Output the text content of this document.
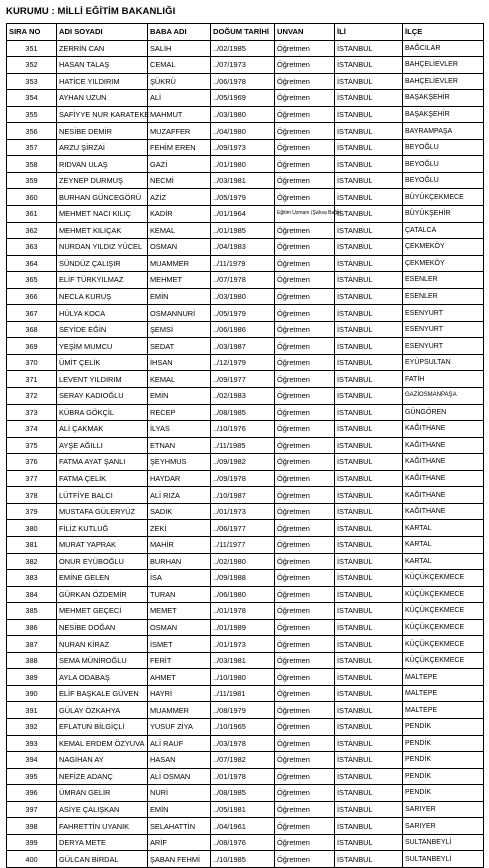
KURUMU : MİLLİ EĞİTİM BAKANLIĞI
SIRA NO	ADI SOYADI	BABA ADI	DOĞUM TARİHİ	UNVAN	İLİ	İLÇE
351	ZERRİN CAN	SALİH	../02/1985	Öğretmen	İSTANBUL	BAĞCILAR
352	HASAN TALAŞ	CEMAL	../07/1973	Öğretmen	İSTANBUL	BAHÇELİEVLER
353	HATİCE YILDIRIM	ŞÜKRÜ	../06/1978	Öğretmen	İSTANBUL	BAHÇELİEVLER
354	AYHAN UZUN	ALİ	../05/1969	Öğretmen	İSTANBUL	BAŞAKŞEHİR
355	SAFİYYE NUR KARATEKE	MAHMUT	../03/1980	Öğretmen	İSTANBUL	BAŞAKŞEHİR
356	NESİBE DEMİR	MUZAFFER	../04/1980	Öğretmen	İSTANBUL	BAYRAMPAŞA
357	ARZU ŞİRZAİ	FEHİM EREN	../09/1973	Öğretmen	İSTANBUL	BEYOĞLU
358	RIDVAN ULAŞ	GAZİ	../01/1980	Öğretmen	İSTANBUL	BEYOĞLU
359	ZEYNEP DURMUŞ	NECMİ	../03/1981	Öğretmen	İSTANBUL	BEYOĞLU
360	BURHAN GÜNCEGÖRÜ	AZİZ	../05/1979	Öğretmen	İSTANBUL	BÜYÜKÇEKMECE
361	MEHMET NACI KILIÇ	KADİR	../01/1964	Eğitim Uzmanı (Şahsa Bağlı)	İSTANBUL	BÜYÜKŞEHİR
362	MEHMET KILIÇAK	KEMAL	../01/1985	Öğretmen	İSTANBUL	ÇATALCA
363	NURDAN YILDIZ YÜCEL	OSMAN	../04/1983	Öğretmen	İSTANBUL	ÇEKMEKÖY
364	SÜNDÜZ ÇALIŞIR	MUAMMER	../11/1979	Öğretmen	İSTANBUL	ÇEKMEKÖY
365	ELİF TÜRKYILMAZ	MEHMET	../07/1978	Öğretmen	İSTANBUL	ESENLER
366	NECLA KURUŞ	EMİN	../03/1980	Öğretmen	İSTANBUL	ESENLER
367	HÜLYA KOCA	OSMANNURİ	../05/1979	Öğretmen	İSTANBUL	ESENYURT
368	SEYİDE EĞİN	ŞEMSİ	../06/1986	Öğretmen	İSTANBUL	ESENYURT
369	YEŞİM MUMCU	SEDAT	../03/1987	Öğretmen	İSTANBUL	ESENYURT
370	ÜMİT ÇELİK	İHSAN	../12/1979	Öğretmen	İSTANBUL	EYÜPSULTAN
371	LEVENT YILDIRIM	KEMAL	../09/1977	Öğretmen	İSTANBUL	FATİH
372	SERAY KADIOĞLU	EMİN	../02/1983	Öğretmen	İSTANBUL	GAZİOSMANPAŞA
373	KÜBRA GÖKÇİL	RECEP	../08/1985	Öğretmen	İSTANBUL	GÜNGÖREN
374	ALİ ÇAKMAK	İLYAS	../10/1976	Öğretmen	İSTANBUL	KAĞITHANE
375	AYŞE AĞILLI	ETNAN	../11/1985	Öğretmen	İSTANBUL	KAĞITHANE
376	FATMA AYAT ŞANLI	ŞEYHMUS	../09/1982	Öğretmen	İSTANBUL	KAĞITHANE
377	FATMA ÇELİK	HAYDAR	../09/1978	Öğretmen	İSTANBUL	KAĞITHANE
378	LÜTFİYE BALCI	ALİ RIZA	../10/1987	Öğretmen	İSTANBUL	KAĞITHANE
379	MUSTAFA GÜLERYÜZ	SADIK	../01/1973	Öğretmen	İSTANBUL	KAĞITHANE
380	FİLİZ KUTLUĞ	ZEKİ	../06/1977	Öğretmen	İSTANBUL	KARTAL
381	MURAT YAPRAK	MAHİR	../11/1977	Öğretmen	İSTANBUL	KARTAL
382	ONUR EYÜBOĞLU	BURHAN	../02/1980	Öğretmen	İSTANBUL	KARTAL
383	EMİNE GELEN	İSA	../09/1988	Öğretmen	İSTANBUL	KÜÇÜKÇEKMECE
384	GÜRKAN ÖZDEMİR	TURAN	../06/1980	Öğretmen	İSTANBUL	KÜÇÜKÇEKMECE
385	MEHMET GEÇECİ	MEMET	../01/1978	Öğretmen	İSTANBUL	KÜÇÜKÇEKMECE
386	NESİBE DOĞAN	OSMAN	../01/1989	Öğretmen	İSTANBUL	KÜÇÜKÇEKMECE
387	NURAN KİRAZ	İSMET	../01/1973	Öğretmen	İSTANBUL	KÜÇÜKÇEKMECE
388	SEMA MÜNİROĞLU	FERİT	../03/1981	Öğretmen	İSTANBUL	KÜÇÜKÇEKMECE
389	AYLA ODABAŞ	AHMET	../10/1980	Öğretmen	İSTANBUL	MALTEPE
390	ELİF BAŞKALE GÜVEN	HAYRİ	../11/1981	Öğretmen	İSTANBUL	MALTEPE
391	GÜLAY ÖZKAHYA	MUAMMER	../08/1979	Öğretmen	İSTANBUL	MALTEPE
392	EFLATUN BİLGİÇLİ	YUSUF ZİYA	../10/1965	Öğretmen	İSTANBUL	PENDİK
393	KEMAL ERDEM ÖZYUVA	ALİ RAUF	../03/1978	Öğretmen	İSTANBUL	PENDİK
394	NAGİHAN AY	HASAN	../07/1982	Öğretmen	İSTANBUL	PENDİK
395	NEFİZE ADANÇ	ALİ OSMAN	../01/1978	Öğretmen	İSTANBUL	PENDİK
396	ÜMRAN GELİR	NURİ	../08/1985	Öğretmen	İSTANBUL	PENDİK
397	ASİYE ÇALIŞKAN	EMİN	../05/1981	Öğretmen	İSTANBUL	SARIYER
398	FAHRETTİN UYANIK	SELAHATTİN	../04/1961	Öğretmen	İSTANBUL	SARIYER
399	DERYA METE	ARİF	../08/1976	Öğretmen	İSTANBUL	SULTANBEYLİ
400	GÜLCAN BİRDAL	ŞABAN FEHMİ	../10/1985	Öğretmen	İSTANBUL	SULTANBEYLİ
